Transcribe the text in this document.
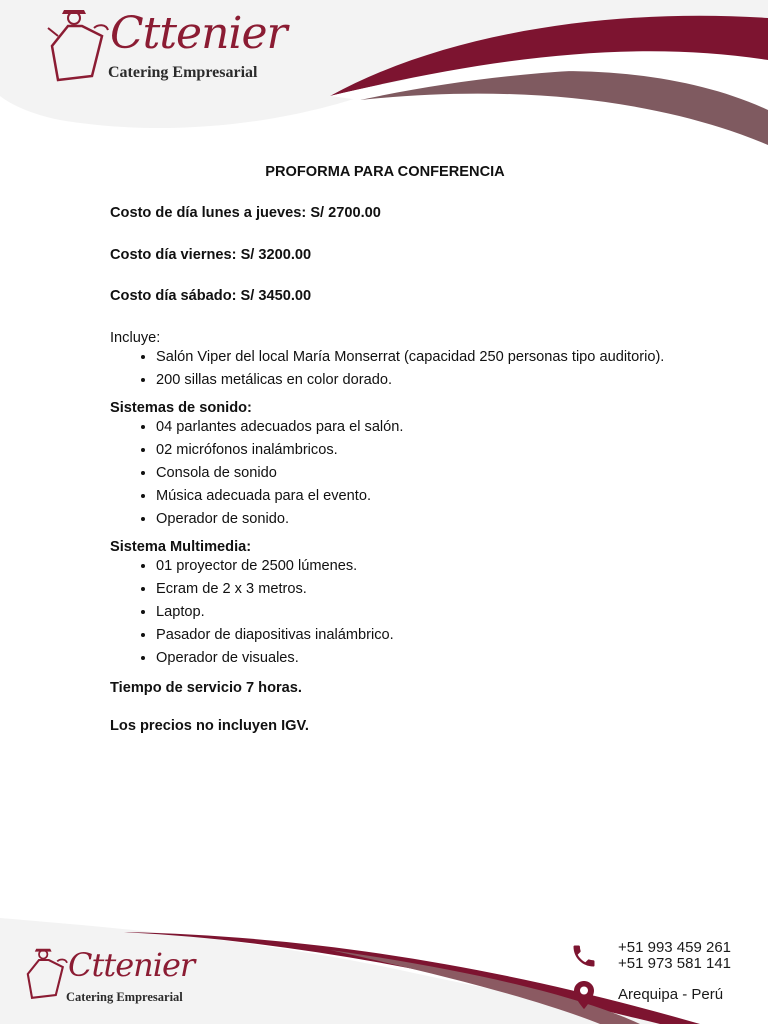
Cttenier
Catering Empresarial
PROFORMA PARA CONFERENCIA
Costo de día lunes a jueves: S/ 2700.00
Costo día viernes: S/ 3200.00
Costo día sábado: S/ 3450.00

Incluye:

• Salón Viper del local María Monserrat (capacidad 250 personas tipo auditorio).
• 200 sillas metálicas en color dorado.

Sistemas de sonido:

• 04 parlantes adecuados para el salón.
• 02 micrófonos inalámbricos.
• Consola de sonido
• Música adecuada para el evento.
• Operador de sonido.

Sistema Multimedia:

• 01 proyector de 2500 lúmenes.
• Ecram de 2 x 3 metros.
• Laptop.
• Pasador de diapositivas inalámbrico.
• Operador de visuales.

Tiempo de servicio 7 horas.

Los precios no incluyen IGV.

Cttenier
Catering Empresarial
+51 993 459 261
+51 973 581 141
Arequipa - Perú
